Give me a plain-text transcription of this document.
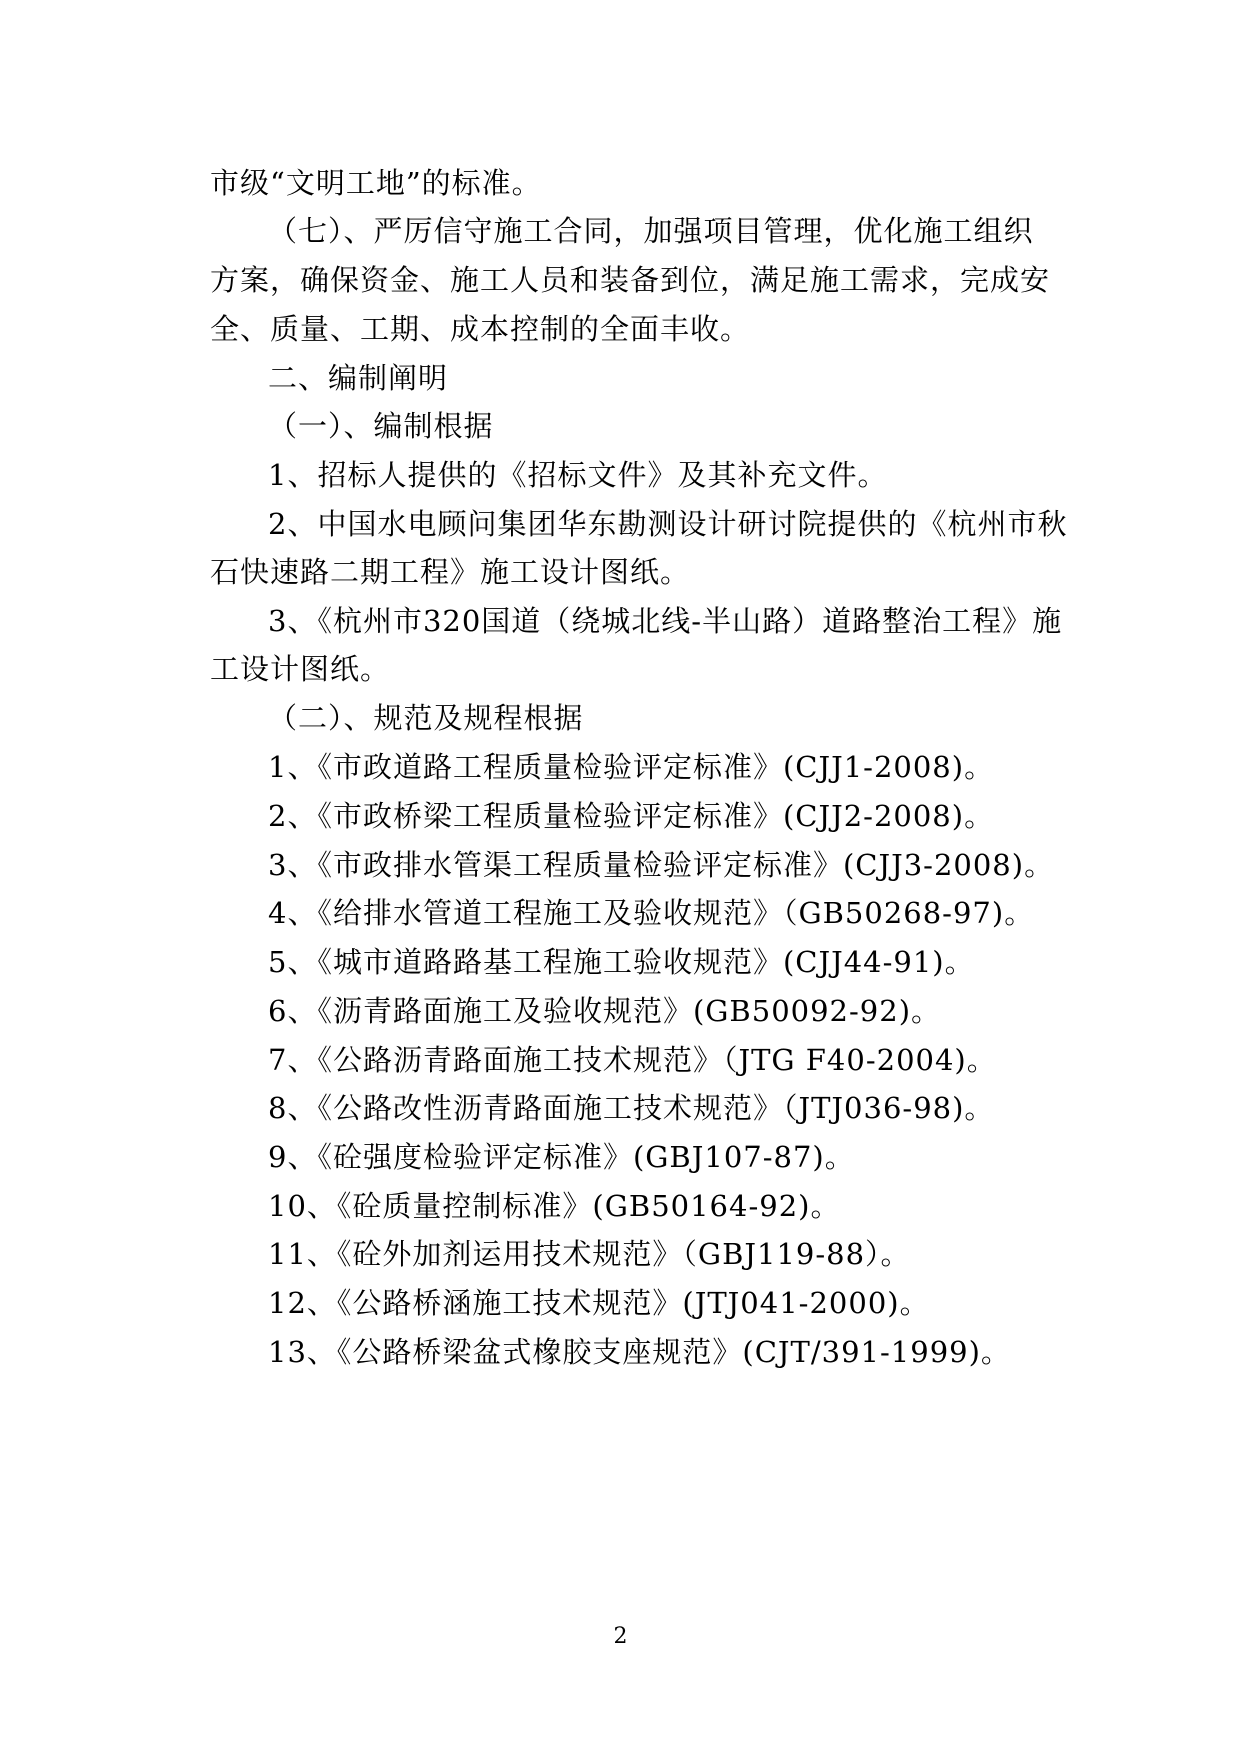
市级“文明工地”的标准。
（七）、严厉信守施工合同，加强项目管理，优化施工组织
方案，确保资金、施工人员和装备到位，满足施工需求，完成安
全、质量、工期、成本控制的全面丰收。
二、编制阐明
（一）、编制根据
1、招标人提供的《招标文件》及其补充文件。
2、中国水电顾问集团华东勘测设计研讨院提供的《杭州市秋
石快速路二期工程》施工设计图纸。
3、《杭州市320国道（绕城北线-半山路）道路整治工程》施
工设计图纸。
（二）、规范及规程根据
1、《市政道路工程质量检验评定标准》(CJJ1-2008)。
2、《市政桥梁工程质量检验评定标准》(CJJ2-2008)。
3、《市政排水管渠工程质量检验评定标准》(CJJ3-2008)。
4、《给排水管道工程施工及验收规范》（GB50268-97)。
5、《城市道路路基工程施工验收规范》(CJJ44-91)。
6、《沥青路面施工及验收规范》(GB50092-92)。
7、《公路沥青路面施工技术规范》（JTG F40-2004)。
8、《公路改性沥青路面施工技术规范》（JTJ036-98)。
9、《砼强度检验评定标准》(GBJ107-87)。
10、《砼质量控制标准》(GB50164-92)。
11、《砼外加剂运用技术规范》（GBJ119-88）。
12、《公路桥涵施工技术规范》(JTJ041-2000)。
13、《公路桥梁盆式橡胶支座规范》(CJT/391-1999)。
2
